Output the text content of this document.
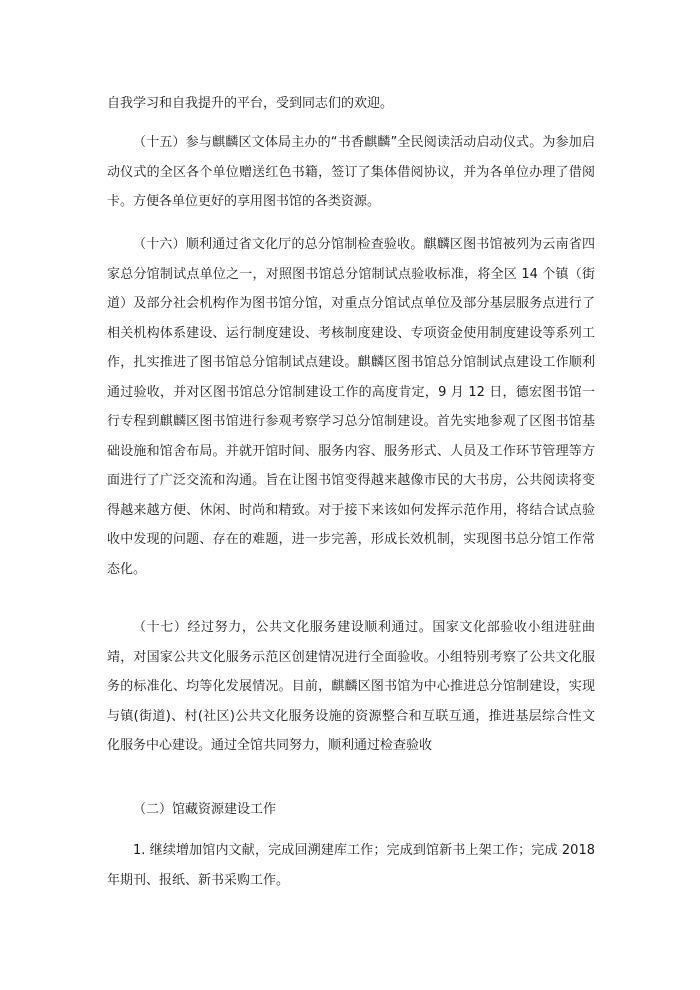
自我学习和自我提升的平台，受到同志们的欢迎。

（十五）参与麒麟区文体局主办的“书香麒麟”全民阅读活动启动仪式。为参加启动仪式的全区各个单位赠送红色书籍，签订了集体借阅协议，并为各单位办理了借阅卡。方便各单位更好的享用图书馆的各类资源。

（十六）顺利通过省文化厅的总分馆制检查验收。麒麟区图书馆被列为云南省四家总分馆制试点单位之一，对照图书馆总分馆制试点验收标准，将全区 14 个镇（街道）及部分社会机构作为图书馆分馆，对重点分馆试点单位及部分基层服务点进行了相关机构体系建设、运行制度建设、考核制度建设、专项资金使用制度建设等系列工作，扎实推进了图书馆总分馆制试点建设。麒麟区图书馆总分馆制试点建设工作顺利通过验收，并对区图书馆总分馆制建设工作的高度肯定，9 月 12 日，德宏图书馆一行专程到麒麟区图书馆进行参观考察学习总分馆制建设。首先实地参观了区图书馆基础设施和馆舍布局。并就开馆时间、服务内容、服务形式、人员及工作环节管理等方面进行了广泛交流和沟通。旨在让图书馆变得越来越像市民的大书房，公共阅读将变得越来越方便、休闲、时尚和精致。对于接下来该如何发挥示范作用，将结合试点验收中发现的问题、存在的难题，进一步完善，形成长效机制，实现图书总分馆工作常态化。

（十七）经过努力，公共文化服务建设顺利通过。国家文化部验收小组进驻曲靖，对国家公共文化服务示范区创建情况进行全面验收。小组特别考察了公共文化服务的标准化、均等化发展情况。目前，麒麟区图书馆为中心推进总分馆制建设，实现与镇(街道)、村(社区)公共文化服务设施的资源整合和互联互通，推进基层综合性文化服务中心建设。通过全馆共同努力，顺利通过检查验收

（二）馆藏资源建设工作

1. 继续增加馆内文献，完成回溯建库工作；完成到馆新书上架工作；完成 2018 年期刊、报纸、新书采购工作。
